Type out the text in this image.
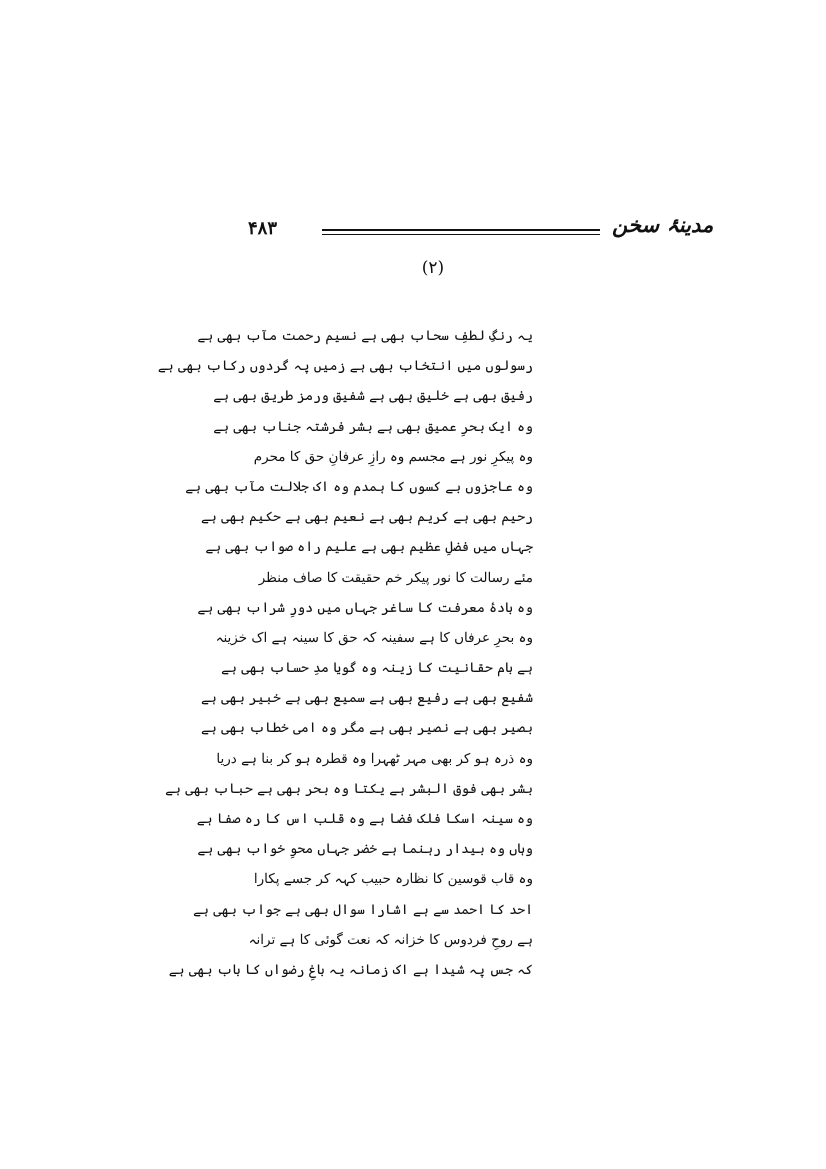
۴۸۳	مدینۂ سخن
(۲)
یہ رنگِ لطفِ سحاب بھی ہے نسیم رحمت مآب بھی ہے
رسولوں میں انتخاب بھی ہے زمیں پہ گردوں رکاب بھی ہے
رفیق بھی ہے خلیق بھی ہے شفیق ورمز طریق بھی ہے
وہ ایک بحرِ عمیق بھی ہے بشر فرشتہ جناب بھی ہے
وہ پیکرِ نور ہے مجسم وہ رازِ عرفانِ حق کا محرم
وہ عاجزوں بے کسوں کا ہمدم وہ اک جلالت مآب بھی ہے
رحیم بھی ہے کریم بھی ہے نعیم بھی ہے حکیم بھی ہے
جہاں میں فضلِ عظیم بھی ہے علیم راہ صواب بھی ہے
مئے رسالت کا نور پیکر خم حقیقت کا صاف منظر
وہ بادۂ معرفت کا ساغر جہاں میں دورِ شراب بھی ہے
وہ بحرِ عرفاں کا ہے سفینہ کہ حق کا سینہ ہے اک خزینہ
ہے بام حقانیت کا زینہ وہ گویا مدِ حساب بھی ہے
شفیع بھی ہے رفیع بھی ہے سمیع بھی ہے خبیر بھی ہے
بصیر بھی ہے نصیر بھی ہے مگر وہ امی خطاب بھی ہے
وہ ذرہ ہو کر بھی مہر ٹھہرا وہ قطرہ ہو کر بنا ہے دریا
بشر بھی فوق البشر ہے یکتا وہ بحر بھی ہے حباب بھی ہے
وہ سینہ اسکا فلک فضا ہے وہ قلب اس کا رہ صفا ہے
وہاں وہ بیدار رہنما ہے خضر جہاں محوِ خواب بھی ہے
وہ قاب قوسین کا نظارہ حبیب کہہ کر جسے پکارا
احد کا احمد سے ہے اشارا سوال بھی ہے جواب بھی ہے
ہے روحِ فردوس کا خزانہ کہ نعت گوئی کا ہے ترانہ
کہ جس پہ شیدا ہے اک زمانہ یہ باغِ رضواں کا باب بھی ہے
